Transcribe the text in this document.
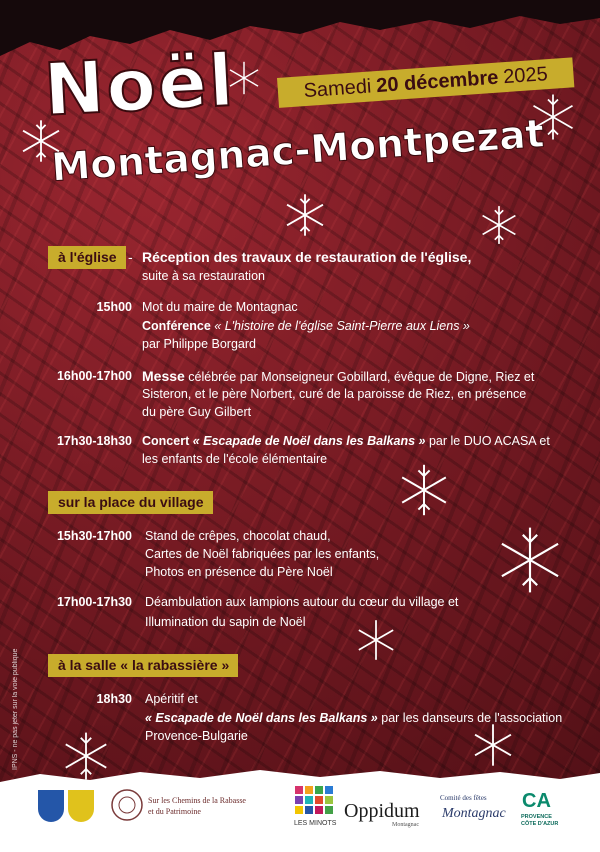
Noël
Montagnac-Montpezat
Samedi 20 décembre 2025
à l'église - Réception des travaux de restauration de l'église,
suite à sa restauration
15h00 Mot du maire de Montagnac
Conférence « L'histoire de l'église Saint-Pierre aux Liens »
par Philippe Borgard
16h00-17h00 Messe célébrée par Monseigneur Gobillard, évêque de Digne, Riez et
Sisteron, et le père Norbert, curé de la paroisse de Riez, en présence
du père Guy Gilbert
17h30-18h30 Concert « Escapade de Noël dans les Balkans » par le DUO ACASA et
les enfants de l'école élémentaire
sur la place du village
15h30-17h00 Stand de crêpes, chocolat chaud,
Cartes de Noël fabriquées par les enfants,
Photos en présence du Père Noël
17h00-17h30 Déambulation aux lampions autour du cœur du village et
Illumination du sapin de Noël
à la salle « la rabassière »
18h30 Apéritif et
« Escapade de Noël dans les Balkans » par les danseurs de l'association
Provence-Bulgarie
IPNS - ne pas jeter sur la voie publique
Sur les Chemins de la Rabasse
et du Patrimoine
LES MINOTS
Oppidum
Montagnac
Comité des fêtes
Montagnac
CA
PROVENCE
CÔTE D'AZUR
